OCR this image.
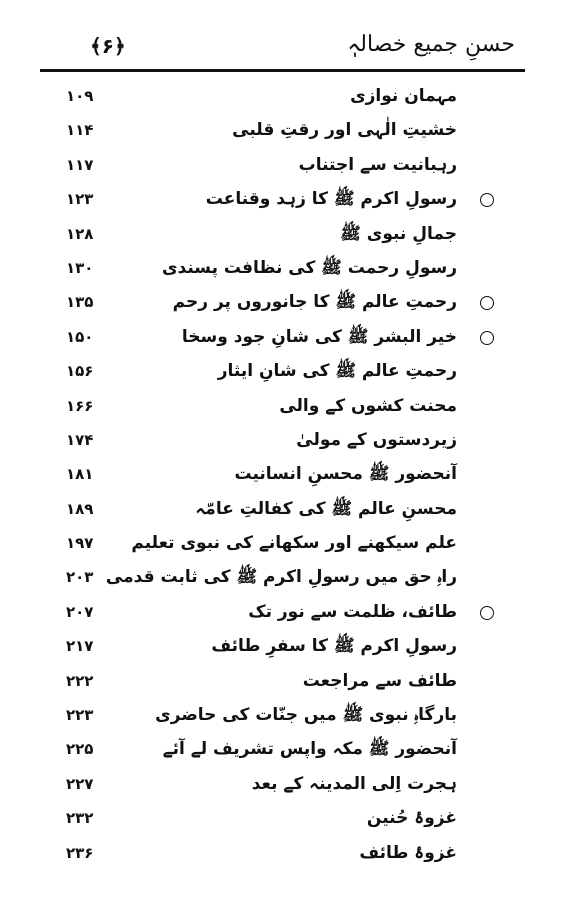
﴿۶﴾	حسنِ جمیع خصالہٖ
مہمان نوازی
۱۰۹
خشیتِ الٰہی اور رقتِ قلبی
۱۱۴
رہبانیت سے اجتناب
۱۱۷
رسولِ اکرم ﷺ کا زہد وقناعت
۱۲۳
جمالِ نبوی ﷺ
۱۲۸
رسولِ رحمت ﷺ کی نظافت پسندی
۱۳۰
رحمتِ عالم ﷺ کا جانوروں پر رحم
۱۳۵
خیر البشر ﷺ کی شانِ جود وسخا
۱۵۰
رحمتِ عالم ﷺ کی شانِ ایثار
۱۵۶
محنت کشوں کے والی
۱۶۶
زیردستوں کے مولیٰ
۱۷۴
آنحضور ﷺ محسنِ انسانیت
۱۸۱
محسنِ عالم ﷺ کی کفالتِ عامّہ
۱۸۹
علم سیکھنے اور سکھانے کی نبوی تعلیم
۱۹۷
راہِ حق میں رسولِ اکرم ﷺ کی ثابت قدمی
۲۰۳
طائف، ظلمت سے نور تک
۲۰۷
رسولِ اکرم ﷺ کا سفرِ طائف
۲۱۷
طائف سے مراجعت
۲۲۲
بارگاہِ نبوی ﷺ میں جنّات کی حاضری
۲۲۳
آنحضور ﷺ مکہ واپس تشریف لے آئے
۲۲۵
ہجرت اِلی المدینہ کے بعد
۲۲۷
غزوۂ حُنین
۲۳۲
غزوۂ طائف
۲۳۶
